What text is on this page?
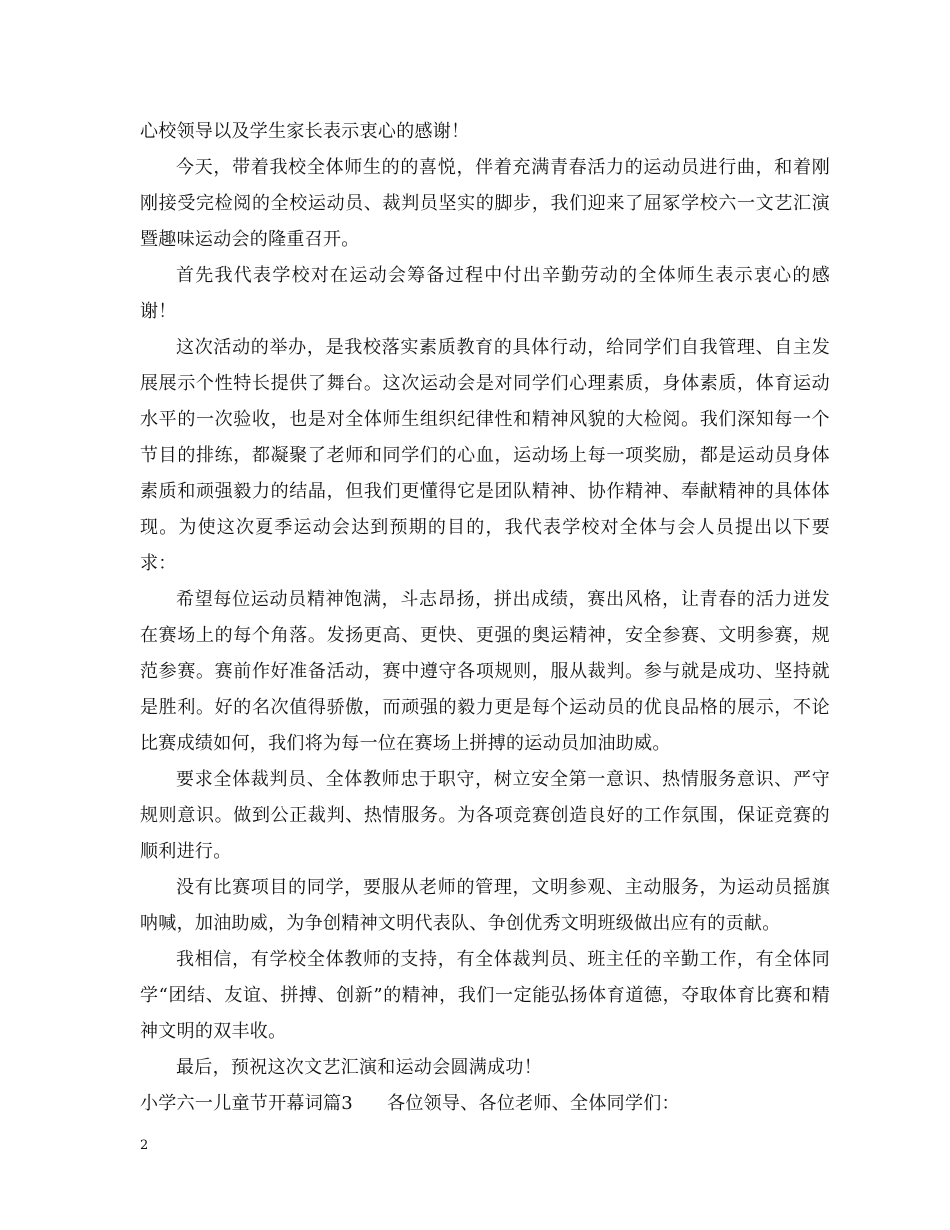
心校领导以及学生家长表示衷心的感谢！

今天，带着我校全体师生的的喜悦，伴着充满青春活力的运动员进行曲，和着刚刚接受完检阅的全校运动员、裁判员坚实的脚步，我们迎来了屈冢学校六一文艺汇演暨趣味运动会的隆重召开。

首先我代表学校对在运动会筹备过程中付出辛勤劳动的全体师生表示衷心的感谢！

这次活动的举办，是我校落实素质教育的具体行动，给同学们自我管理、自主发展展示个性特长提供了舞台。这次运动会是对同学们心理素质，身体素质，体育运动水平的一次验收，也是对全体师生组织纪律性和精神风貌的大检阅。我们深知每一个节目的排练，都凝聚了老师和同学们的心血，运动场上每一项奖励，都是运动员身体素质和顽强毅力的结晶，但我们更懂得它是团队精神、协作精神、奉献精神的具体体现。为使这次夏季运动会达到预期的目的，我代表学校对全体与会人员提出以下要求：

希望每位运动员精神饱满，斗志昂扬，拼出成绩，赛出风格，让青春的活力迸发在赛场上的每个角落。发扬更高、更快、更强的奥运精神，安全参赛、文明参赛，规范参赛。赛前作好准备活动，赛中遵守各项规则，服从裁判。参与就是成功、坚持就是胜利。好的名次值得骄傲，而顽强的毅力更是每个运动员的优良品格的展示，不论比赛成绩如何，我们将为每一位在赛场上拼搏的运动员加油助威。

要求全体裁判员、全体教师忠于职守，树立安全第一意识、热情服务意识、严守规则意识。做到公正裁判、热情服务。为各项竞赛创造良好的工作氛围，保证竞赛的顺利进行。

没有比赛项目的同学，要服从老师的管理，文明参观、主动服务，为运动员摇旗呐喊，加油助威，为争创精神文明代表队、争创优秀文明班级做出应有的贡献。

我相信，有学校全体教师的支持，有全体裁判员、班主任的辛勤工作，有全体同学“团结、友谊、拼搏、创新”的精神，我们一定能弘扬体育道德，夺取体育比赛和精神文明的双丰收。

最后，预祝这次文艺汇演和运动会圆满成功！

小学六一儿童节开幕词篇3 各位领导、各位老师、全体同学们：

2
